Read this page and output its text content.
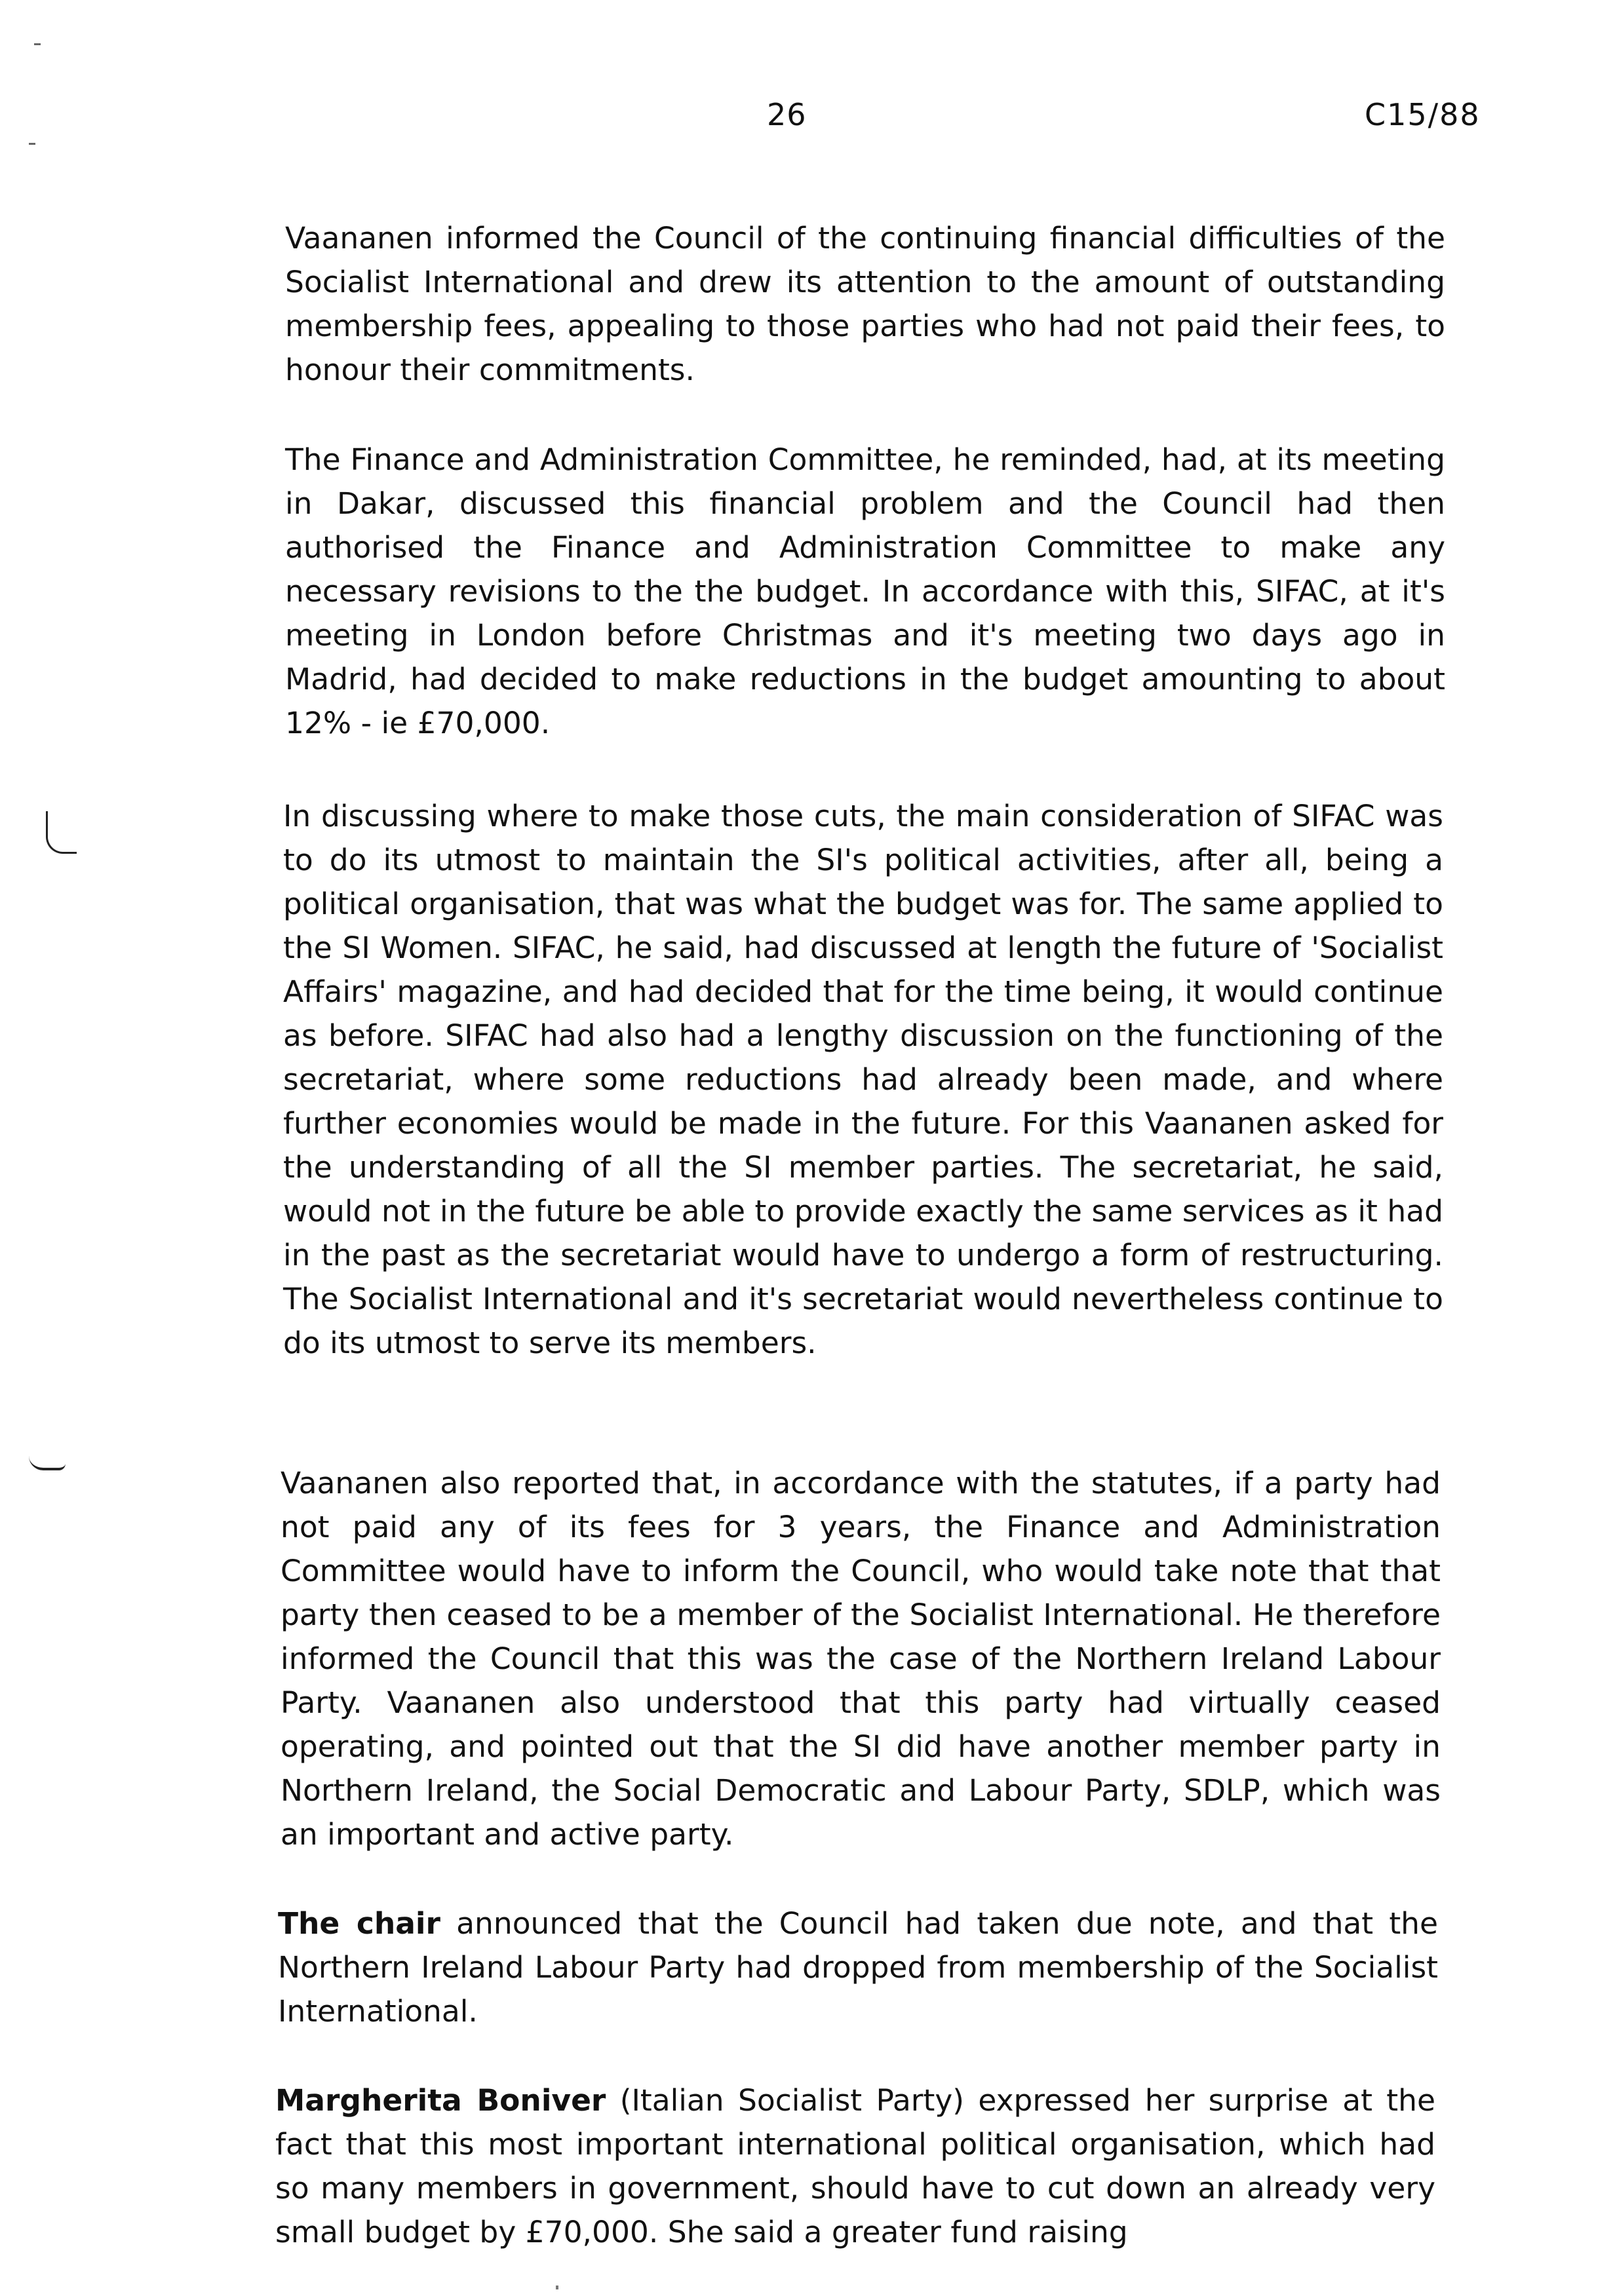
26	C15/88

Vaananen informed the Council of the continuing financial difficulties of the Socialist International and drew its attention to the amount of outstanding membership fees, appealing to those parties who had not paid their fees, to honour their commitments.

The Finance and Administration Committee, he reminded, had, at its meeting in Dakar, discussed this financial problem and the Council had then authorised the Finance and Administration Committee to make any necessary revisions to the the budget. In accordance with this, SIFAC, at it's meeting in London before Christmas and it's meeting two days ago in Madrid, had decided to make reductions in the budget amounting to about 12% - ie £70,000.

In discussing where to make those cuts, the main consideration of SIFAC was to do its utmost to maintain the SI's political activities, after all, being a political organisation, that was what the budget was for. The same applied to the SI Women. SIFAC, he said, had discussed at length the future of 'Socialist Affairs' magazine, and had decided that for the time being, it would continue as before. SIFAC had also had a lengthy discussion on the functioning of the secretariat, where some reductions had already been made, and where further economies would be made in the future. For this Vaananen asked for the understanding of all the SI member parties. The secretariat, he said, would not in the future be able to provide exactly the same services as it had in the past as the secretariat would have to undergo a form of restructuring. The Socialist International and it's secretariat would nevertheless continue to do its utmost to serve its members.

Vaananen also reported that, in accordance with the statutes, if a party had not paid any of its fees for 3 years, the Finance and Administration Committee would have to inform the Council, who would take note that that party then ceased to be a member of the Socialist International. He therefore informed the Council that this was the case of the Northern Ireland Labour Party. Vaananen also understood that this party had virtually ceased operating, and pointed out that the SI did have another member party in Northern Ireland, the Social Democratic and Labour Party, SDLP, which was an important and active party.

The chair announced that the Council had taken due note, and that the Northern Ireland Labour Party had dropped from membership of the Socialist International.

Margherita Boniver (Italian Socialist Party) expressed her surprise at the fact that this most important international political organisation, which had so many members in government, should have to cut down an already very small budget by £70,000. She said a greater fund raising
